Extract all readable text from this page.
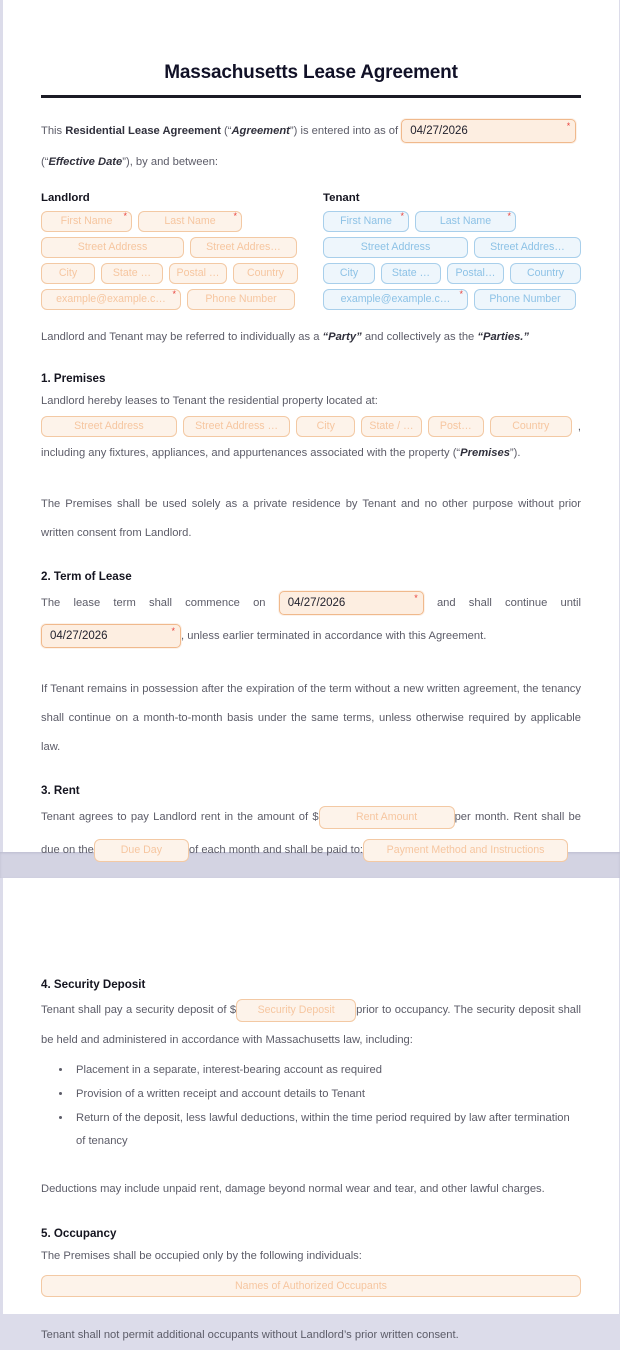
Massachusetts Lease Agreement
This Residential Lease Agreement (“Agreement”) is entered into as of 04/27/2026	*
(“Effective Date”), by and between:
Landlord
First Name *	Last Name *
Street Address	Street Addres…
City	State …	Postal …	Country
example@example.c… *	Phone Number
Tenant
First Name *	Last Name *
Street Address	Street Addres…
City	State …	Postal…	Country
example@example.c… *	Phone Number
Landlord and Tenant may be referred to individually as a “Party” and collectively as the “Parties.”
1. Premises
Landlord hereby leases to Tenant the residential property located at:
Street Address	Street Address …	City	State / …	Post…	Country	,
including any fixtures, appliances, and appurtenances associated with the property (“Premises”).
The Premises shall be used solely as a private residence by Tenant and no other purpose without prior written consent from Landlord.
2. Term of Lease
The lease term shall commence on 04/27/2026	* and shall continue until 04/27/2026	* , unless earlier terminated in accordance with this Agreement.
If Tenant remains in possession after the expiration of the term without a new written agreement, the tenancy shall continue on a month-to-month basis under the same terms, unless otherwise required by applicable law.
3. Rent
Tenant agrees to pay Landlord rent in the amount of $	Rent Amount	per month. Rent shall be due on the	Due Day of each month and shall be paid to: Payment Method and Instructions
4. Security Deposit
Tenant shall pay a security deposit of $ Security Deposit prior to occupancy. The security deposit shall be held and administered in accordance with Massachusetts law, including:
• Placement in a separate, interest-bearing account as required
• Provision of a written receipt and account details to Tenant
• Return of the deposit, less lawful deductions, within the time period required by law after termination of tenancy
Deductions may include unpaid rent, damage beyond normal wear and tear, and other lawful charges.
5. Occupancy
The Premises shall be occupied only by the following individuals:
Names of Authorized Occupants
Tenant shall not permit additional occupants without Landlord’s prior written consent.
